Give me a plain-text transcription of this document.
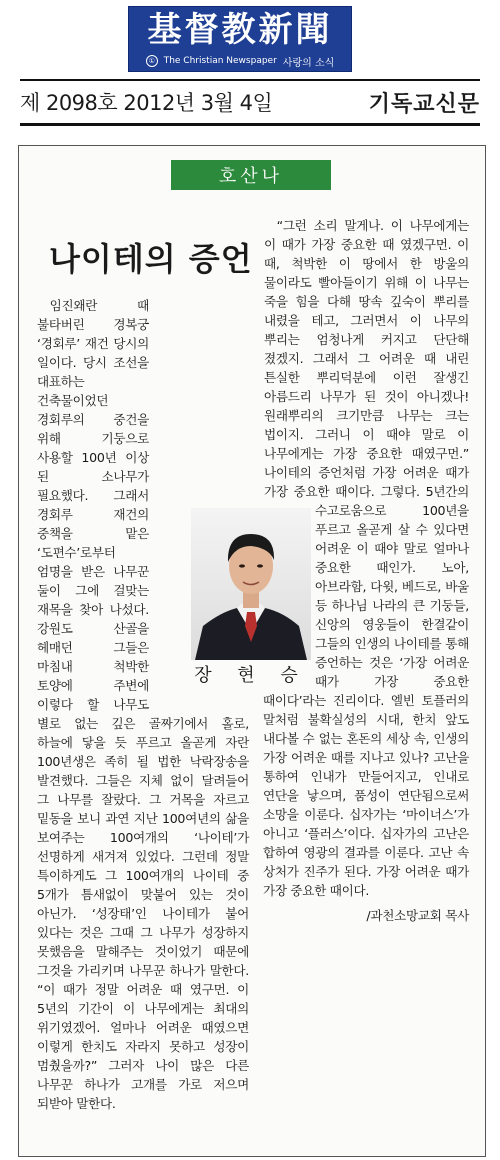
基督教新聞
① The Christian Newspaper 사랑의 소식
제 2098호 2012년 3월 4일	기독교신문
호산나
나이테의 증언

임진왜란 때 불타버린 경복궁 ‘경회루’ 재건 당시의 일이다. 당시 조선을 대표하는 건축물이었던 경회루의 중건을 위해 기둥으로 사용할 100년 이상 된 소나무가 필요했다. 그래서 경회루 재건의 중책을 맡은 ‘도편수’로부터 엄명을 받은 나무꾼 둘이 그에 걸맞는 재목을 찾아 나섰다. 강원도 산골을 헤매던 그들은 마침내 척박한 토양에 주변에 이렇다 할 나무도 별로 없는 깊은 골짜기에서 홀로, 하늘에 닿을 듯 푸르고 올곧게 자란 100년생은 족히 될 법한 낙락장송을 발견했다. 그들은 지체 없이 달려들어 그 나무를 잘랐다. 그 거목을 자르고 밑동을 보니 과연 지난 100여년의 삶을 보여주는 100여개의 ‘나이테’가 선명하게 새겨져 있었다. 그런데 정말 특이하게도 그 100여개의 나이테 중 5개가 틈새없이 맞붙어 있는 것이 아닌가. ‘성장태’인 나이테가 붙어 있다는 것은 그때 그 나무가 성장하지 못했음을 말해주는 것이었기 때문에 그것을 가리키며 나무꾼 하나가 말한다. “이 때가 정말 어려운 때 였구먼. 이 5년의 기간이 이 나무에게는 최대의 위기였겠어. 얼마나 어려운 때였으면 이렇게 한치도 자라지 못하고 성장이 멈췄을까?” 그러자 나이 많은 다른 나무꾼 하나가 고개를 가로 저으며 되받아 말한다.

“그런 소리 말게나. 이 나무에게는 이 때가 가장 중요한 때 였겠구먼. 이 때, 척박한 이 땅에서 한 방울의 물이라도 빨아들이기 위해 이 나무는 죽을 힘을 다해 땅속 깊숙이 뿌리를 내렸을 테고, 그러면서 이 나무의 뿌리는 엄청나게 커지고 단단해 졌겠지. 그래서 그 어려운 때 내린 튼실한 뿌리덕분에 이런 잘생긴 아름드리 나무가 된 것이 아니겠나! 원래뿌리의 크기만큼 나무는 크는 법이지. 그러니 이 때야 말로 이 나무에게는 가장 중요한 때였구먼.” 나이테의 증언처럼 가장 어려운 때가 가장 중요한 때이다. 그렇다. 5년간의 수고로움으로 100년을 푸르고 올곧게 살 수 있다면 어려운 이 때야 말로 얼마나 중요한 때인가. 노아, 아브라함, 다윗, 베드로, 바울 등 하나님 나라의 큰 기둥들, 신앙의 영웅들이 한결같이 그들의 인생의 나이테를 통해 증언하는 것은 ‘가장 어려운 때가 가장 중요한 때이다’라는 진리이다. 엘빈 토플러의 말처럼 불확실성의 시대, 한치 앞도 내다볼 수 없는 혼돈의 세상 속, 인생의 가장 어려운 때를 지나고 있나? 고난을 통하여 인내가 만들어지고, 인내로 연단을 낳으며, 품성이 연단됨으로써 소망을 이룬다. 십자가는 ‘마이너스’가 아니고 ‘플러스’이다. 십자가의 고난은 합하여 영광의 결과를 이룬다. 고난 속 상처가 진주가 된다. 가장 어려운 때가 가장 중요한 때이다.

/과천소망교회 목사

장 현 승
